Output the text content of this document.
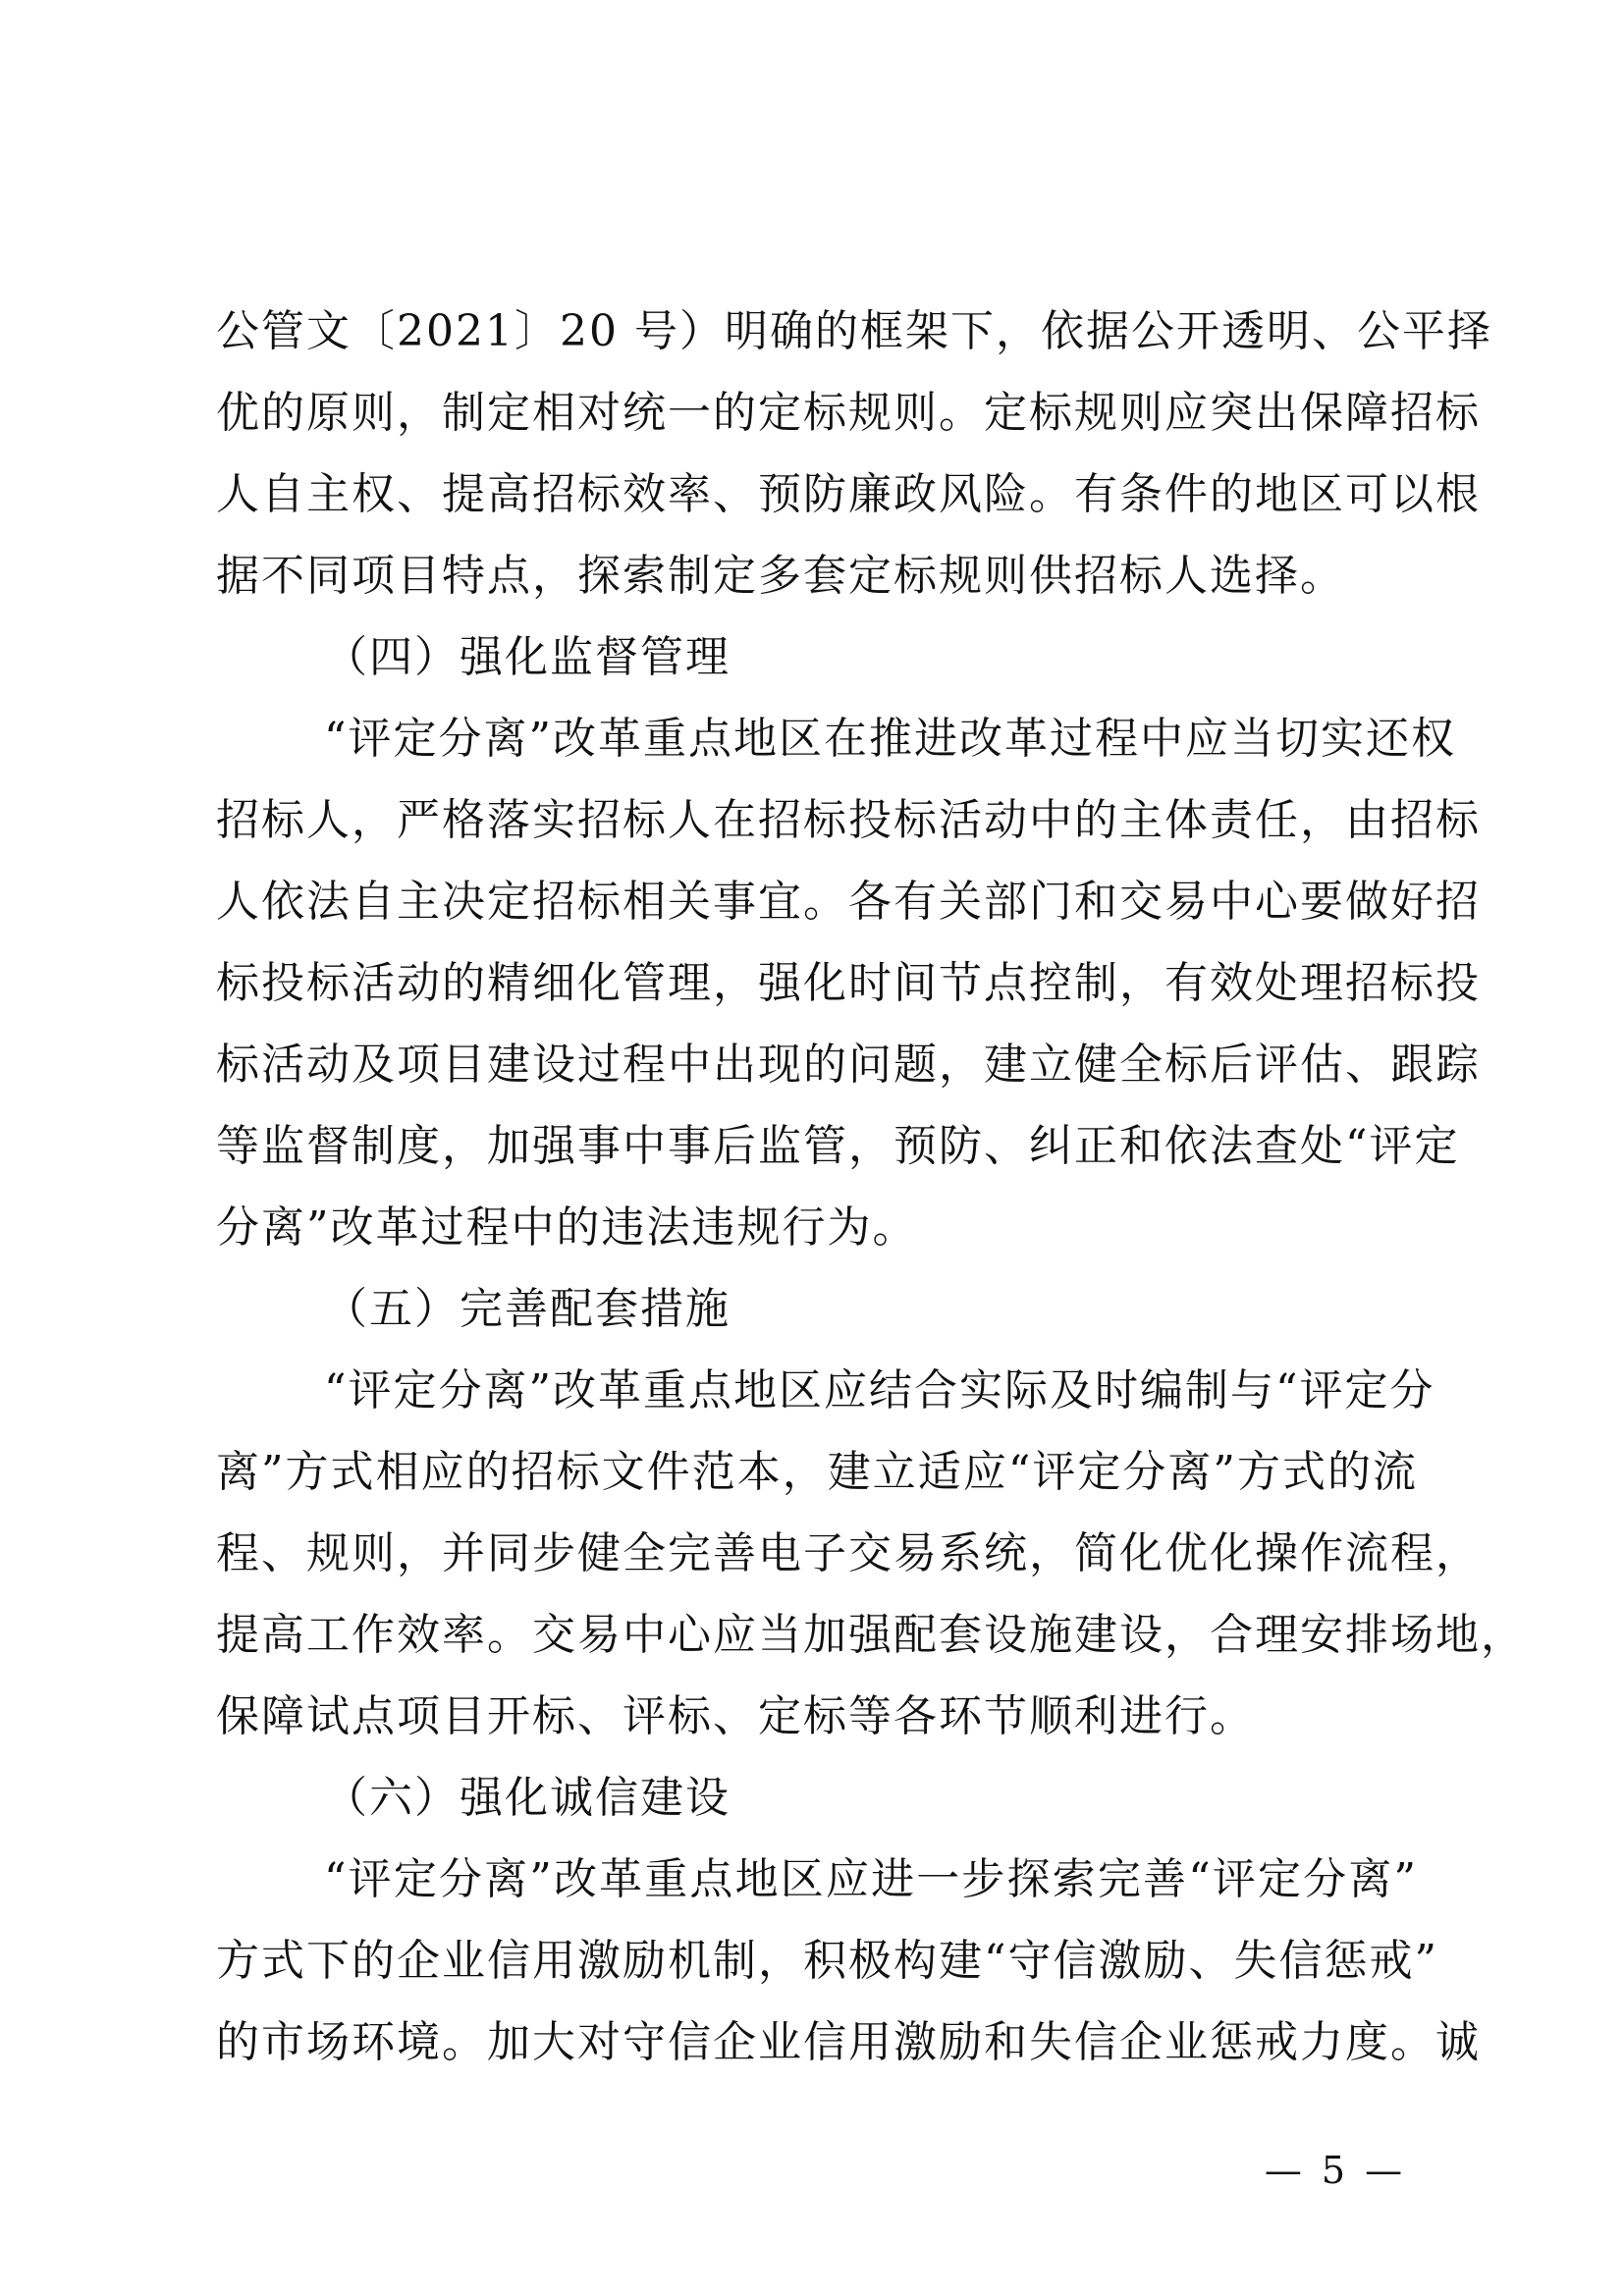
公管文〔2021〕20 号）明确的框架下，依据公开透明、公平择
优的原则，制定相对统一的定标规则。定标规则应突出保障招标
人自主权、提高招标效率、预防廉政风险。有条件的地区可以根
据不同项目特点，探索制定多套定标规则供招标人选择。
（四）强化监督管理
“评定分离”改革重点地区在推进改革过程中应当切实还权
招标人，严格落实招标人在招标投标活动中的主体责任，由招标
人依法自主决定招标相关事宜。各有关部门和交易中心要做好招
标投标活动的精细化管理，强化时间节点控制，有效处理招标投
标活动及项目建设过程中出现的问题，建立健全标后评估、跟踪
等监督制度，加强事中事后监管，预防、纠正和依法查处“评定
分离”改革过程中的违法违规行为。
（五）完善配套措施
“评定分离”改革重点地区应结合实际及时编制与“评定分
离”方式相应的招标文件范本，建立适应“评定分离”方式的流
程、规则，并同步健全完善电子交易系统，简化优化操作流程，
提高工作效率。交易中心应当加强配套设施建设，合理安排场地，
保障试点项目开标、评标、定标等各环节顺利进行。
（六）强化诚信建设
“评定分离”改革重点地区应进一步探索完善“评定分离”
方式下的企业信用激励机制，积极构建“守信激励、失信惩戒”
的市场环境。加大对守信企业信用激励和失信企业惩戒力度。诚
— 5 —
